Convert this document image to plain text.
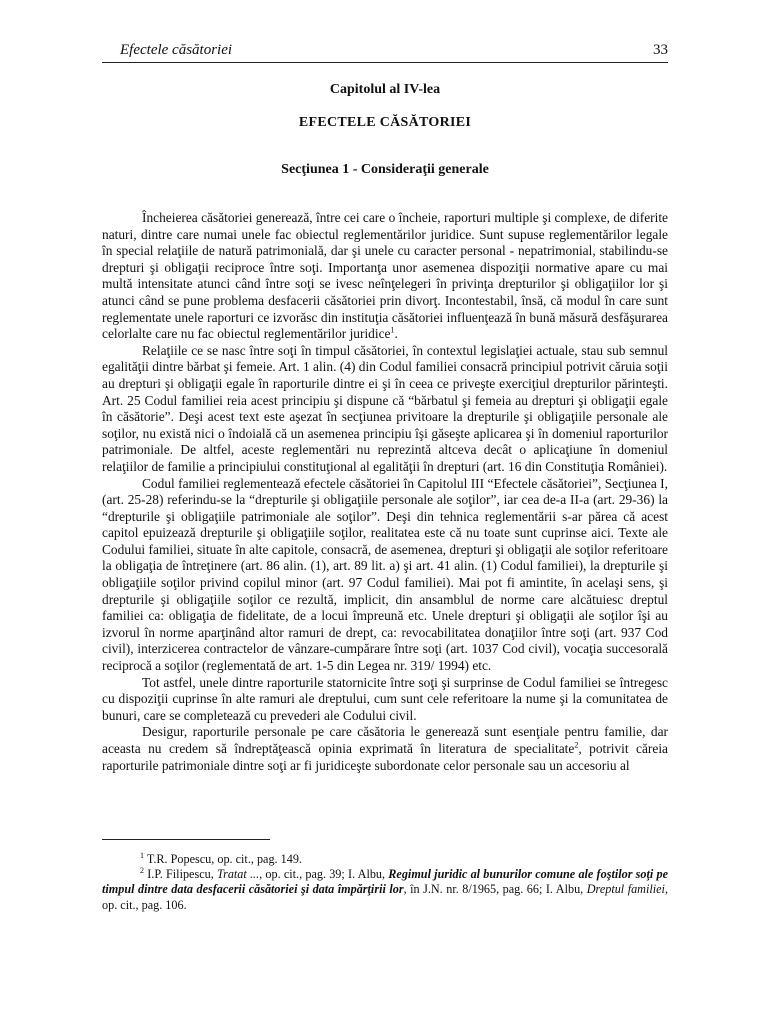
Efectele căsătoriei	33
Capitolul al IV-lea
EFECTELE CĂSĂTORIEI
Secţiunea 1 - Consideraţii generale

Încheierea căsătoriei generează, între cei care o încheie, raporturi multiple şi complexe, de diferite naturi, dintre care numai unele fac obiectul reglementărilor juridice. Sunt supuse reglementărilor legale în special relaţiile de natură patrimonială, dar şi unele cu caracter personal - nepatrimonial, stabilindu-se drepturi şi obligaţii reciproce între soţi. Importanţa unor asemenea dispoziţii normative apare cu mai multă intensitate atunci când între soţi se ivesc neînţelegeri în privinţa drepturilor şi obligaţiilor lor şi atunci când se pune problema desfacerii căsătoriei prin divorţ. Incontestabil, însă, că modul în care sunt reglementate unele raporturi ce izvorăsc din instituţia căsătoriei influenţează în bună măsură desfăşurarea celorlalte care nu fac obiectul reglementărilor juridice$^1$.

Relaţiile ce se nasc între soţi în timpul căsătoriei, în contextul legislaţiei actuale, stau sub semnul egalităţii dintre bărbat şi femeie. Art. 1 alin. (4) din Codul familiei consacră principiul potrivit căruia soţii au drepturi şi obligaţii egale în raporturile dintre ei şi în ceea ce priveşte exerciţiul drepturilor părinteşti. Art. 25 Codul familiei reia acest principiu şi dispune că “bărbatul şi femeia au drepturi şi obligaţii egale în căsătorie”. Deşi acest text este aşezat în secţiunea privitoare la drepturile şi obligaţiile personale ale soţilor, nu există nici o îndoială că un asemenea principiu îşi găseşte aplicarea şi în domeniul raporturilor patrimoniale. De altfel, aceste reglementări nu reprezintă altceva decât o aplicaţiune în domeniul relaţiilor de familie a principiului constituţional al egalităţii în drepturi (art. 16 din Constituţia României).

Codul familiei reglementează efectele căsătoriei în Capitolul III “Efectele căsătoriei”, Secţiunea I, (art. 25-28) referindu-se la “drepturile şi obligaţiile personale ale soţilor”, iar cea de-a II-a (art. 29-36) la “drepturile şi obligaţiile patrimoniale ale soţilor”. Deşi din tehnica reglementării s-ar părea că acest capitol epuizează drepturile şi obligaţiile soţilor, realitatea este că nu toate sunt cuprinse aici. Texte ale Codului familiei, situate în alte capitole, consacră, de asemenea, drepturi şi obligaţii ale soţilor referitoare la obligaţia de întreţinere (art. 86 alin. (1), art. 89 lit. a) şi art. 41 alin. (1) Codul familiei), la drepturile şi obligaţiile soţilor privind copilul minor (art. 97 Codul familiei). Mai pot fi amintite, în acelaşi sens, şi drepturile şi obligaţiile soţilor ce rezultă, implicit, din ansamblul de norme care alcătuiesc dreptul familiei ca: obligaţia de fidelitate, de a locui împreună etc. Unele drepturi şi obligaţii ale soţilor îşi au izvorul în norme aparţinând altor ramuri de drept, ca: revocabilitatea donaţiilor între soţi (art. 937 Cod civil), interzicerea contractelor de vânzare-cumpărare între soţi (art. 1037 Cod civil), vocaţia succesorală reciprocă a soţilor (reglementată de art. 1-5 din Legea nr. 319/ 1994) etc.

Tot astfel, unele dintre raporturile statornicite între soţi şi surprinse de Codul familiei se întregesc cu dispoziţii cuprinse în alte ramuri ale dreptului, cum sunt cele referitoare la nume şi la comunitatea de bunuri, care se completează cu prevederi ale Codului civil.

Desigur, raporturile personale pe care căsătoria le generează sunt esenţiale pentru familie, dar aceasta nu credem să îndreptăţească opinia exprimată în literatura de specialitate$^2$, potrivit căreia raporturile patrimoniale dintre soţi ar fi juridiceşte subordonate celor personale sau un accesoriu al

$^1$ T.R. Popescu, op. cit., pag. 149.

$^2$ I.P. Filipescu, Tratat ..., op. cit., pag. 39; I. Albu, Regimul juridic al bunurilor comune ale foştilor soţi pe timpul dintre data desfacerii căsătoriei şi data împărţirii lor, în J.N. nr. 8/1965, pag. 66; I. Albu, Dreptul familiei, op. cit., pag. 106.
